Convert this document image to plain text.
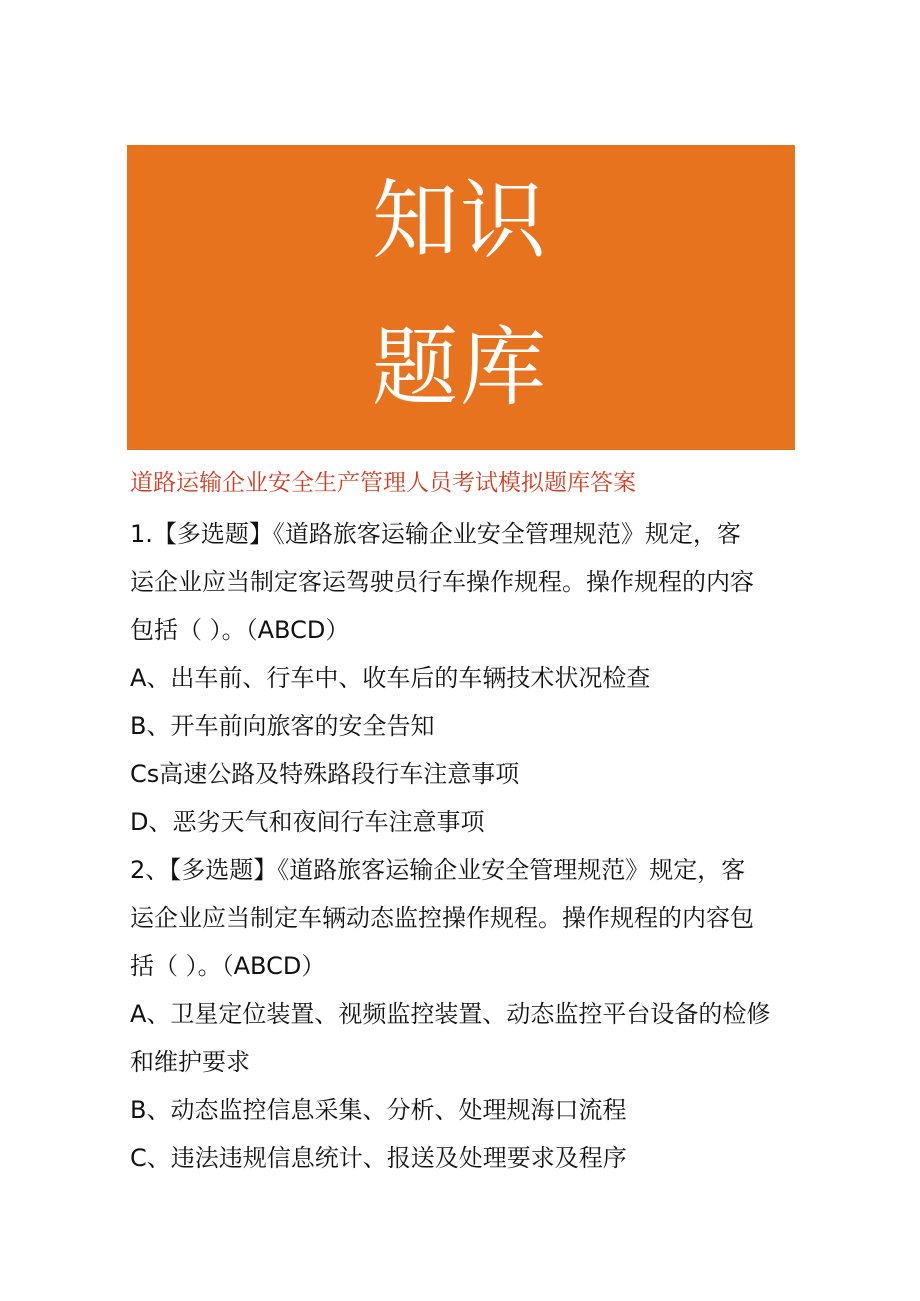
知识
题库
道路运输企业安全生产管理人员考试模拟题库答案
1.【多选题】《道路旅客运输企业安全管理规范》规定，客
运企业应当制定客运驾驶员行车操作规程。操作规程的内容
包括（ ）。（ABCD）
A、出车前、行车中、收车后的车辆技术状况检查
B、开车前向旅客的安全告知
Cs高速公路及特殊路段行车注意事项
D、恶劣天气和夜间行车注意事项
2、【多选题】《道路旅客运输企业安全管理规范》规定，客
运企业应当制定车辆动态监控操作规程。操作规程的内容包
括（ ）。（ABCD）
A、卫星定位装置、视频监控装置、动态监控平台设备的检修
和维护要求
B、动态监控信息采集、分析、处理规海口流程
C、违法违规信息统计、报送及处理要求及程序
